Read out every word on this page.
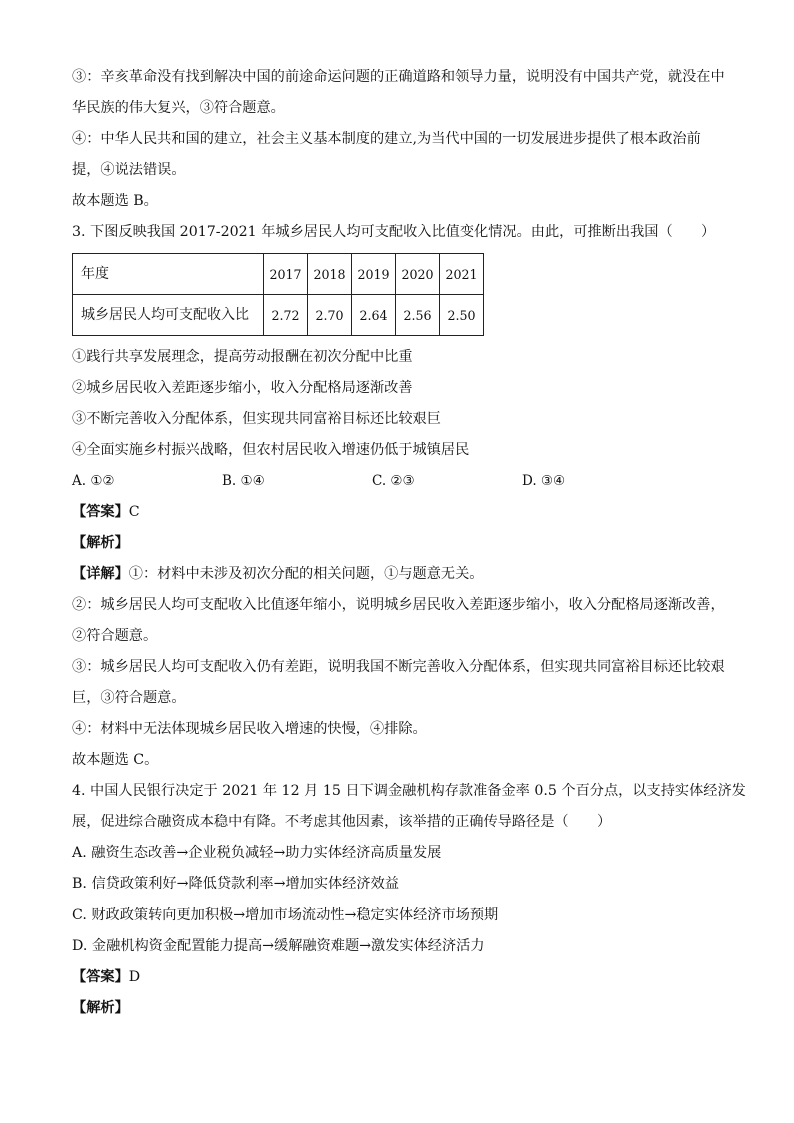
③：辛亥革命没有找到解决中国的前途命运问题的正确道路和领导力量，说明没有中国共产党，就没在中
华民族的伟大复兴，③符合题意。
④：中华人民共和国的建立，社会主义基本制度的建立,为当代中国的一切发展进步提供了根本政治前
提，④说法错误。
故本题选 B。
3. 下图反映我国 2017-2021 年城乡居民人均可支配收入比值变化情况。由此，可推断出我国（　　）
年度	2017	2018	2019	2020	2021
城乡居民人均可支配收入比	2.72	2.70	2.64	2.56	2.50
①践行共享发展理念，提高劳动报酬在初次分配中比重
②城乡居民收入差距逐步缩小，收入分配格局逐渐改善
③不断完善收入分配体系，但实现共同富裕目标还比较艰巨
④全面实施乡村振兴战略，但农村居民收入增速仍低于城镇居民
A. ①②	B. ①④	C. ②③	D. ③④
【答案】C
【解析】
【详解】①：材料中未涉及初次分配的相关问题，①与题意无关。
②：城乡居民人均可支配收入比值逐年缩小，说明城乡居民收入差距逐步缩小，收入分配格局逐渐改善，
②符合题意。
③：城乡居民人均可支配收入仍有差距，说明我国不断完善收入分配体系，但实现共同富裕目标还比较艰
巨，③符合题意。
④：材料中无法体现城乡居民收入增速的快慢，④排除。
故本题选 C。
4. 中国人民银行决定于 2021 年 12 月 15 日下调金融机构存款准备金率 0.5 个百分点，以支持实体经济发
展，促进综合融资成本稳中有降。不考虑其他因素，该举措的正确传导路径是（　　）
A. 融资生态改善→企业税负减轻→助力实体经济高质量发展
B. 信贷政策利好→降低贷款利率→增加实体经济效益
C. 财政政策转向更加积极→增加市场流动性→稳定实体经济市场预期
D. 金融机构资金配置能力提高→缓解融资难题→激发实体经济活力
【答案】D
【解析】
